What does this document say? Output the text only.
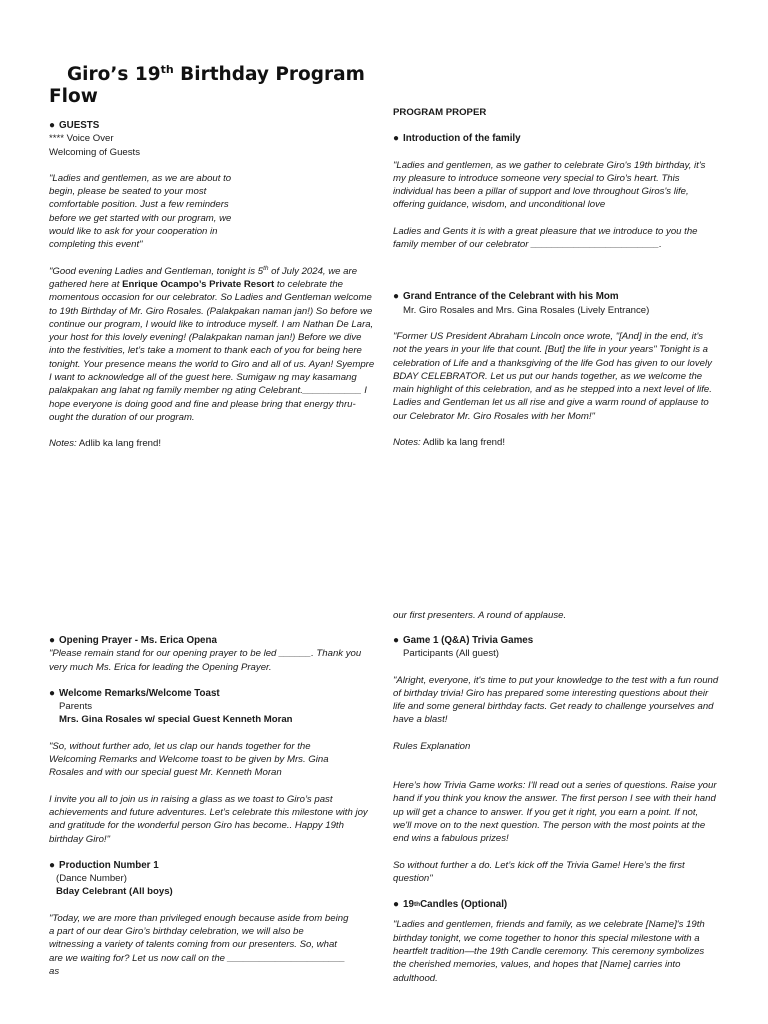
Giro’s 19th Birthday Program
Flow
● GUESTS

**** Voice Over

Welcoming of Guests

"Ladies and gentlemen, as we are about to begin, please be seated to your most comfortable position. Just a few reminders before we get started with our program, we would like to ask for your cooperation in completing this event"

"Good evening Ladies and Gentleman, tonight is 5th of July 2024, we are gathered here at Enrique Ocampo’s Private Resort to celebrate the momentous occasion for our celebrator. So Ladies and Gentleman welcome to 19th Birthday of Mr. Giro Rosales. (Palakpakan naman jan!) So before we continue our program, I would like to introduce myself. I am Nathan De Lara, your host for this lovely evening! (Palakpakan naman jan!) Before we dive into the festivities, let’s take a moment to thank each of you for being here tonight. Your presence means the world to Giro and all of us. Ayan! Syempre I want to acknowledge all of the guest here. Sumigaw ng may kasamang palakpakan ang lahat ng family member ng ating Celebrant.___________ I hope everyone is doing good and fine and please bring that energy thru-ought the duration of our program.

Notes: Adlib ka lang frend!

PROGRAM PROPER

● Introduction of the family

"Ladies and gentlemen, as we gather to celebrate Giro's 19th birthday, it's my pleasure to introduce someone very special to Giro's heart. This individual has been a pillar of support and love throughout Giros's life, offering guidance, wisdom, and unconditional love

Ladies and Gents it is with a great pleasure that we introduce to you the family member of our celebrator ________________________.

● Grand Entrance of the Celebrant with his Mom

Mr. Giro Rosales and Mrs. Gina Rosales (Lively Entrance)

"Former US President Abraham Lincoln once wrote, "[And] in the end, it's not the years in your life that count. [But] the life in your years" Tonight is a celebration of Life and a thanksgiving of the life God has given to our lovely BDAY CELEBRATOR. Let us put our hands together, as we welcome the main highlight of this celebration, and as he stepped into a next level of life. Ladies and Gentleman let us all rise and give a warm round of applause to our Celebrator Mr. Giro Rosales with her Mom!"

Notes: Adlib ka lang frend!

our first presenters. A round of applause.

● Opening Prayer - Ms. Erica Opena

"Please remain stand for our opening prayer to be led ______. Thank you very much Ms. Erica for leading the Opening Prayer.

● Welcome Remarks/Welcome Toast

Parents

Mrs. Gina Rosales w/ special Guest Kenneth Moran

"So, without further ado, let us clap our hands together for the Welcoming Remarks and Welcome toast to be given by Mrs. Gina Rosales and with our special guest Mr. Kenneth Moran

I invite you all to join us in raising a glass as we toast to Giro’s past achievements and future adventures. Let’s celebrate this milestone with joy and gratitude for the wonderful person Giro has become.. Happy 19th birthday Giro!"

● Production Number 1

(Dance Number)

Bday Celebrant (All boys)

"Today, we are more than privileged enough because aside from being a part of our dear Giro’s birthday celebration, we will also be witnessing a variety of talents coming from our presenters. So, what are we waiting for? Let us now call on the ______________________ as

● Game 1 (Q&A) Trivia Games

Participants (All guest)

"Alright, everyone, it's time to put your knowledge to the test with a fun round of birthday trivia! Giro has prepared some interesting questions about their life and some general birthday facts. Get ready to challenge yourselves and have a blast!

Rules Explanation

Here’s how Trivia Game works: I'll read out a series of questions. Raise your hand if you think you know the answer. The first person I see with their hand up will get a chance to answer. If you get it right, you earn a point. If not, we'll move on to the next question. The person with the most points at the end wins a fabulous prizes!

So without further a do. Let’s kick off the Trivia Game! Here’s the first question"

● 19 th Candles (Optional)

"Ladies and gentlemen, friends and family, as we celebrate [Name]'s 19th birthday tonight, we come together to honor this special milestone with a heartfelt tradition—the 19th Candle ceremony. This ceremony symbolizes the cherished memories, values, and hopes that [Name] carries into adulthood.
